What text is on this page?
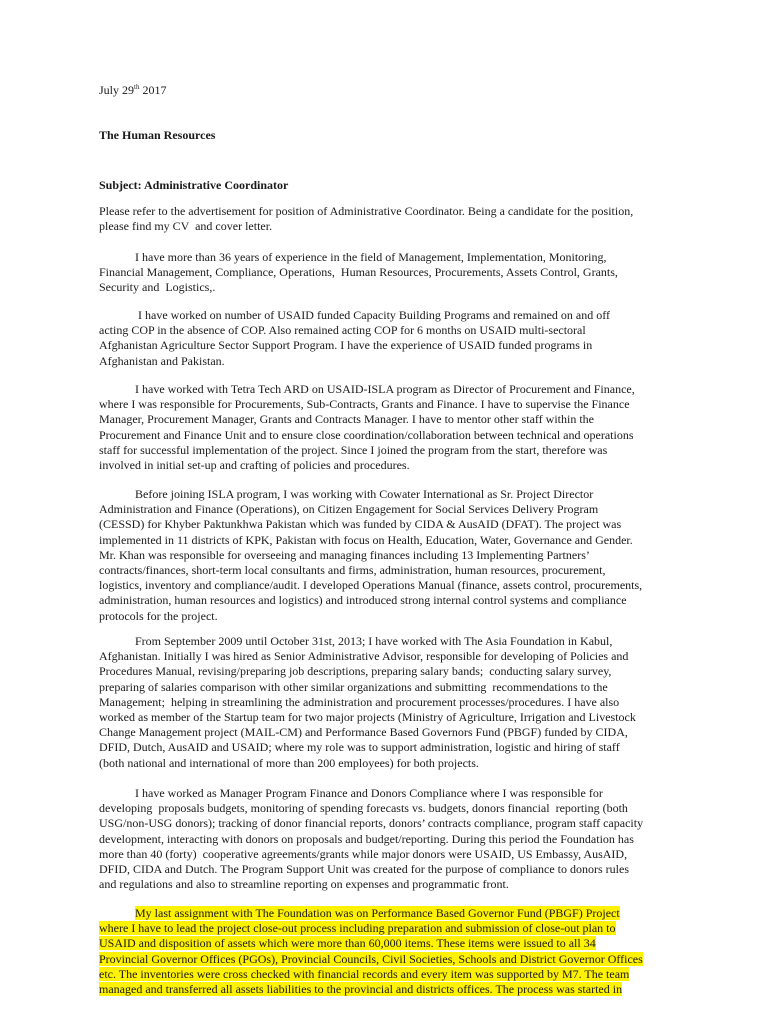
July 29th 2017
The Human Resources
Subject: Administrative Coordinator
Please refer to the advertisement for position of Administrative Coordinator. Being a candidate for the position,
please find my CV  and cover letter.
I have more than 36 years of experience in the field of Management, Implementation, Monitoring,
Financial Management, Compliance, Operations,  Human Resources, Procurements, Assets Control, Grants,
Security and  Logistics,.
I have worked on number of USAID funded Capacity Building Programs and remained on and off
acting COP in the absence of COP. Also remained acting COP for 6 months on USAID multi-sectoral
Afghanistan Agriculture Sector Support Program. I have the experience of USAID funded programs in
Afghanistan and Pakistan.
I have worked with Tetra Tech ARD on USAID-ISLA program as Director of Procurement and Finance,
where I was responsible for Procurements, Sub-Contracts, Grants and Finance. I have to supervise the Finance
Manager, Procurement Manager, Grants and Contracts Manager. I have to mentor other staff within the
Procurement and Finance Unit and to ensure close coordination/collaboration between technical and operations
staff for successful implementation of the project. Since I joined the program from the start, therefore was
involved in initial set-up and crafting of policies and procedures.
Before joining ISLA program, I was working with Cowater International as Sr. Project Director
Administration and Finance (Operations), on Citizen Engagement for Social Services Delivery Program
(CESSD) for Khyber Paktunkhwa Pakistan which was funded by CIDA & AusAID (DFAT). The project was
implemented in 11 districts of KPK, Pakistan with focus on Health, Education, Water, Governance and Gender.
Mr. Khan was responsible for overseeing and managing finances including 13 Implementing Partners’
contracts/finances, short-term local consultants and firms, administration, human resources, procurement,
logistics, inventory and compliance/audit. I developed Operations Manual (finance, assets control, procurements,
administration, human resources and logistics) and introduced strong internal control systems and compliance
protocols for the project.
From September 2009 until October 31st, 2013; I have worked with The Asia Foundation in Kabul,
Afghanistan. Initially I was hired as Senior Administrative Advisor, responsible for developing of Policies and
Procedures Manual, revising/preparing job descriptions, preparing salary bands;  conducting salary survey,
preparing of salaries comparison with other similar organizations and submitting  recommendations to the
Management;  helping in streamlining the administration and procurement processes/procedures. I have also
worked as member of the Startup team for two major projects (Ministry of Agriculture, Irrigation and Livestock
Change Management project (MAIL-CM) and Performance Based Governors Fund (PBGF) funded by CIDA,
DFID, Dutch, AusAID and USAID; where my role was to support administration, logistic and hiring of staff
(both national and international of more than 200 employees) for both projects.
I have worked as Manager Program Finance and Donors Compliance where I was responsible for
developing  proposals budgets, monitoring of spending forecasts vs. budgets, donors financial  reporting (both
USG/non-USG donors); tracking of donor financial reports, donors’ contracts compliance, program staff capacity
development, interacting with donors on proposals and budget/reporting. During this period the Foundation has
more than 40 (forty)  cooperative agreements/grants while major donors were USAID, US Embassy, AusAID,
DFID, CIDA and Dutch. The Program Support Unit was created for the purpose of compliance to donors rules
and regulations and also to streamline reporting on expenses and programmatic front.
My last assignment with The Foundation was on Performance Based Governor Fund (PBGF) Project
where I have to lead the project close-out process including preparation and submission of close-out plan to
USAID and disposition of assets which were more than 60,000 items. These items were issued to all 34
Provincial Governor Offices (PGOs), Provincial Councils, Civil Societies, Schools and District Governor Offices
etc. The inventories were cross checked with financial records and every item was supported by M7. The team
managed and transferred all assets liabilities to the provincial and districts offices. The process was started in
